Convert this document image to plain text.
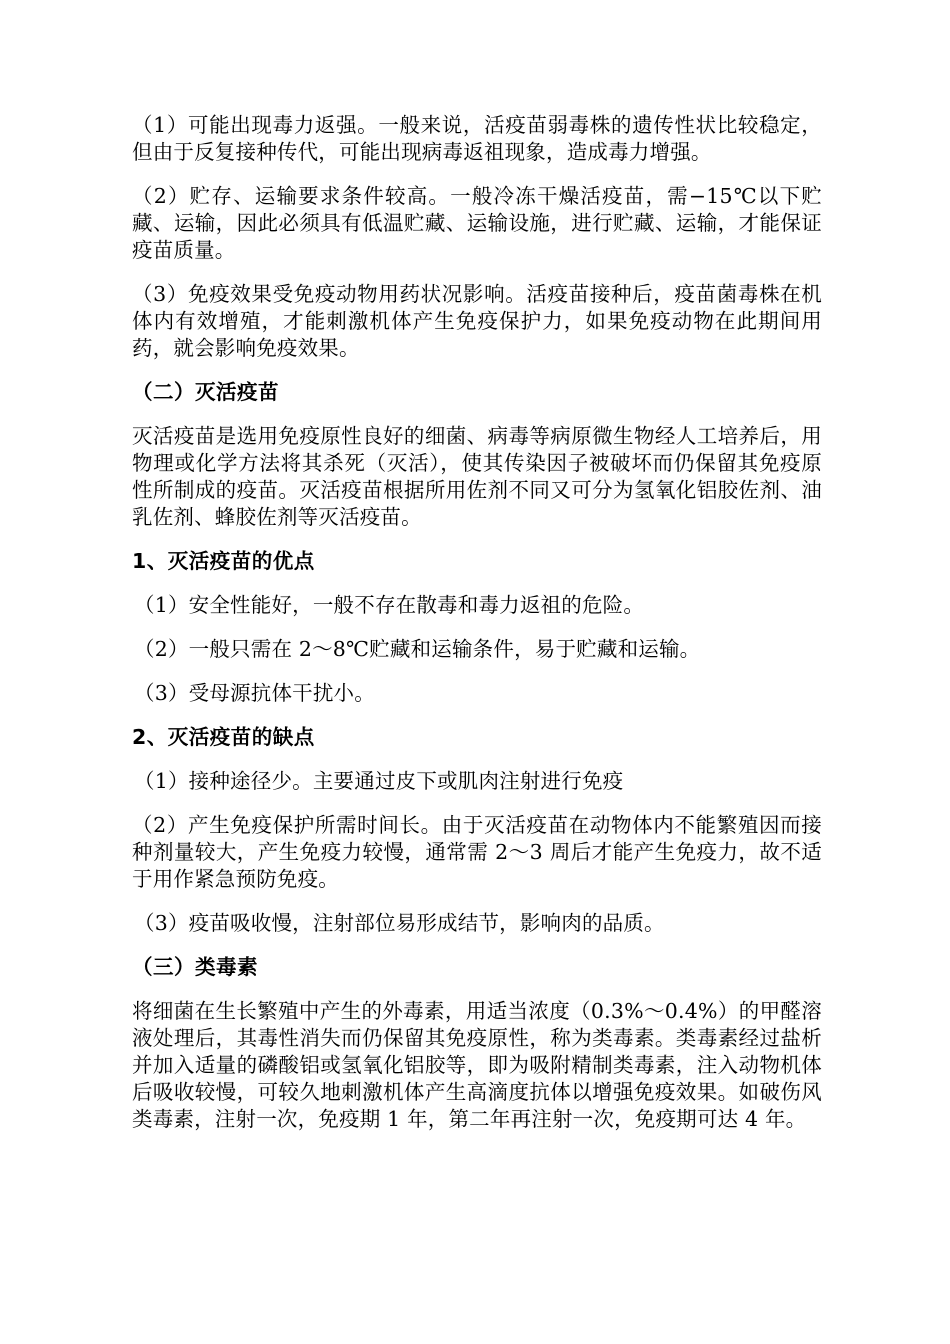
（1）可能出现毒力返强。一般来说，活疫苗弱毒株的遗传性状比较稳定，但由于反复接种传代，可能出现病毒返祖现象，造成毒力增强。

（2）贮存、运输要求条件较高。一般冷冻干燥活疫苗，需−15℃以下贮藏、运输，因此必须具有低温贮藏、运输设施，进行贮藏、运输，才能保证疫苗质量。

（3）免疫效果受免疫动物用药状况影响。活疫苗接种后，疫苗菌毒株在机体内有效增殖，才能刺激机体产生免疫保护力，如果免疫动物在此期间用药，就会影响免疫效果。

（二）灭活疫苗

灭活疫苗是选用免疫原性良好的细菌、病毒等病原微生物经人工培养后，用物理或化学方法将其杀死（灭活），使其传染因子被破坏而仍保留其免疫原性所制成的疫苗。灭活疫苗根据所用佐剂不同又可分为氢氧化铝胶佐剂、油乳佐剂、蜂胶佐剂等灭活疫苗。

1、灭活疫苗的优点

（1）安全性能好，一般不存在散毒和毒力返祖的危险。

（2）一般只需在 2～8℃贮藏和运输条件，易于贮藏和运输。

（3）受母源抗体干扰小。

2、灭活疫苗的缺点

（1）接种途径少。主要通过皮下或肌肉注射进行免疫

（2）产生免疫保护所需时间长。由于灭活疫苗在动物体内不能繁殖因而接种剂量较大，产生免疫力较慢，通常需 2～3 周后才能产生免疫力，故不适于用作紧急预防免疫。

（3）疫苗吸收慢，注射部位易形成结节，影响肉的品质。

（三）类毒素

将细菌在生长繁殖中产生的外毒素，用适当浓度（0.3%～0.4%）的甲醛溶液处理后，其毒性消失而仍保留其免疫原性，称为类毒素。类毒素经过盐析并加入适量的磷酸铝或氢氧化铝胶等，即为吸附精制类毒素，注入动物机体后吸收较慢，可较久地刺激机体产生高滴度抗体以增强免疫效果。如破伤风类毒素，注射一次，免疫期 1 年，第二年再注射一次，免疫期可达 4 年。
